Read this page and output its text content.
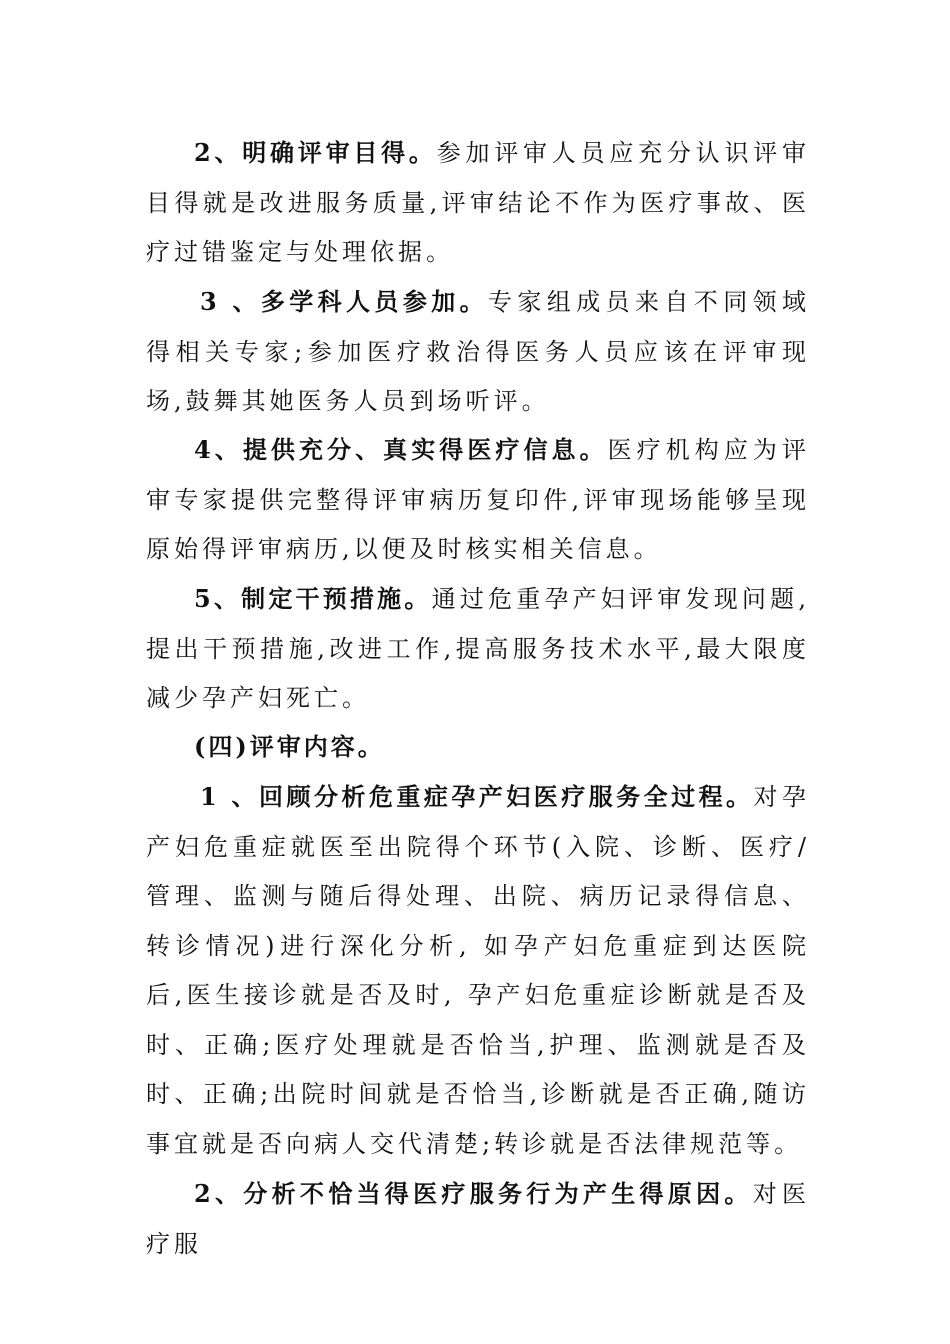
2、明确评审目得。参加评审人员应充分认识评审目得就是改进服务质量,评审结论不作为医疗事故、医疗过错鉴定与处理依据。

3 、多学科人员参加。专家组成员来自不同领域得相关专家;参加医疗救治得医务人员应该在评审现场,鼓舞其她医务人员到场听评。

4、提供充分、真实得医疗信息。医疗机构应为评审专家提供完整得评审病历复印件,评审现场能够呈现原始得评审病历,以便及时核实相关信息。

5、制定干预措施。通过危重孕产妇评审发现问题,提出干预措施,改进工作,提高服务技术水平,最大限度减少孕产妇死亡。

(四)评审内容。

1 、回顾分析危重症孕产妇医疗服务全过程。对孕产妇危重症就医至出院得个环节(入院、诊断、医疗/管理、监测与随后得处理、出院、病历记录得信息、转诊情况)进行深化分析, 如孕产妇危重症到达医院后,医生接诊就是否及时, 孕产妇危重症诊断就是否及时、正确;医疗处理就是否恰当,护理、监测就是否及时、正确;出院时间就是否恰当,诊断就是否正确,随访事宜就是否向病人交代清楚;转诊就是否法律规范等。

2、分析不恰当得医疗服务行为产生得原因。对医疗服
